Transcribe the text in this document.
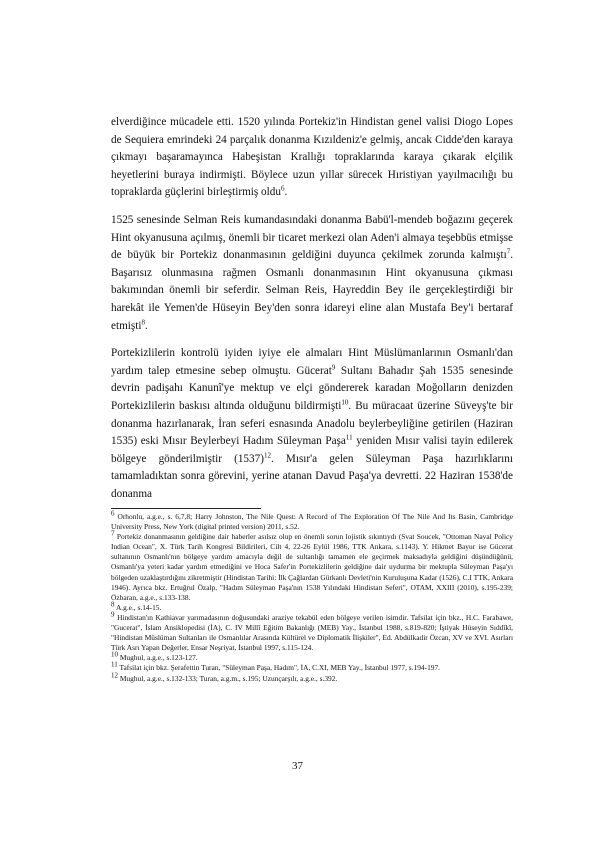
elverdiğince mücadele etti. 1520 yılında Portekiz'in Hindistan genel valisi Diogo Lopes de Sequiera emrindeki 24 parçalık donanma Kızıldeniz'e gelmiş, ancak Cidde'den karaya çıkmayı başaramayınca Habeşistan Krallığı topraklarında karaya çıkarak elçilik heyetlerini buraya indirmişti. Böylece uzun yıllar sürecek Hıristiyan yayılmacılığı bu topraklarda güçlerini birleştirmiş oldu$^6$.

1525 senesinde Selman Reis kumandasındaki donanma Babü'l-mendeb boğazını geçerek Hint okyanusuna açılmış, önemli bir ticaret merkezi olan Aden'i almaya teşebbüs etmişse de büyük bir Portekiz donanmasının geldiğini duyunca çekilmek zorunda kalmıştı$^7$. Başarısız olunmasına rağmen Osmanlı donanmasının Hint okyanusuna çıkması bakımından önemli bir seferdir. Selman Reis, Hayreddin Bey ile gerçekleştirdiği bir harekât ile Yemen'de Hüseyin Bey'den sonra idareyi eline alan Mustafa Bey'i bertaraf etmişti$^8$.

Portekizlilerin kontrolü iyiden iyiye ele almaları Hint Müslümanlarının Osmanlı'dan yardım talep etmesine sebep olmuştu. Gücerat$^9$ Sultanı Bahadır Şah 1535 senesinde devrin padişahı Kanunî'ye mektup ve elçi göndererek karadan Moğolların denizden Portekizlilerin baskısı altında olduğunu bildirmişti$^{10}$. Bu müracaat üzerine Süveyş'te bir donanma hazırlanarak, İran seferi esnasında Anadolu beylerbeyliğine getirilen (Haziran 1535) eski Mısır Beylerbeyi Hadım Süleyman Paşa$^{11}$ yeniden Mısır valisi tayin edilerek bölgeye gönderilmiştir $(1537)^{12}$. Mısır'a gelen Süleyman Paşa hazırlıklarını tamamladıktan sonra görevini, yerine atanan Davud Paşa'ya devretti. 22 Haziran 1538'de donanma

$^6$ Orhonlu, a.g.e., s. 6,7,8; Harry Johnston, The Nile Quest: A Record of The Exploration Of The Nile And Its Basin, Cambridge University Press, New York (digital printed version) 2011, s.52.

$^7$ Portekiz donanmasının geldiğine dair haberler asılsız olup en önemli sorun lojistik sıkıntıydı (Svat Soucek, "Ottoman Naval Policy Indian Ocean", X. Türk Tarih Kongresi Bildirileri, Cilt 4, 22-26 Eylül 1986, TTK Ankara, s.1143). Y. Hikmet Bayur ise Gücerat sultanının Osmanlı'nın bölgeye yardım amacıyla değil de sultanlığı tamamen ele geçirmek maksadıyla geldiğini düşündüğünü, Osmanlı'ya yeteri kadar yardım etmediğini ve Hoca Safer'in Portekizlilerin geldiğine dair uydurma bir mektupla Süleyman Paşa'yı bölgeden uzaklaştırdığını zikretmiştir (Hindistan Tarihi: İlk Çağlardan Gürkanlı Devleti'nin Kuruluşuna Kadar (1526), C.I TTK, Ankara 1946). Ayrıca bkz. Ertuğrul Özalp, "Hadım Süleyman Paşa'nın 1538 Yılındaki Hindistan Seferi", OTAM, XXIII (2010), s.195-239; Özbaran, a.g.e., s.133-138.

$^8$ A.g.e., s.14-15.

$^9$ Hindistan'ın Kathiavar yarımadasının doğusundaki araziye tekabül eden bölgeye verilen isimdir. Tafsilat için bkz., H.C. Farabawe, "Gucerat", İslam Ansiklopedisi (İA), C. IV Millî Eğitim Bakanlığı (MEB) Yay., İstanbul 1988, s.819-820; İştiyak Hüseyin Sıddîkî, "Hindistan Müslüman Sultanları ile Osmanlılar Arasında Kültürel ve Diplomatik İlişkiler", Ed. Abdülkadir Özcan, XV ve XVI. Asırları Türk Asrı Yapan Değerler, Ensar Neşriyat, İstanbul 1997, s.115-124.

$^{10}$ Mughul, a.g.e., s.123-127.

$^{11}$ Tafsilat için bkz. Şerafettin Turan, "Süleyman Paşa, Hadım", İA, C.XI, MEB Yay., İstanbul 1977, s.194-197.

$^{12}$ Mughul, a.g.e., s.132-133; Turan, a.g.m., s.195; Uzunçarşılı, a.g.e., s.392.

37
